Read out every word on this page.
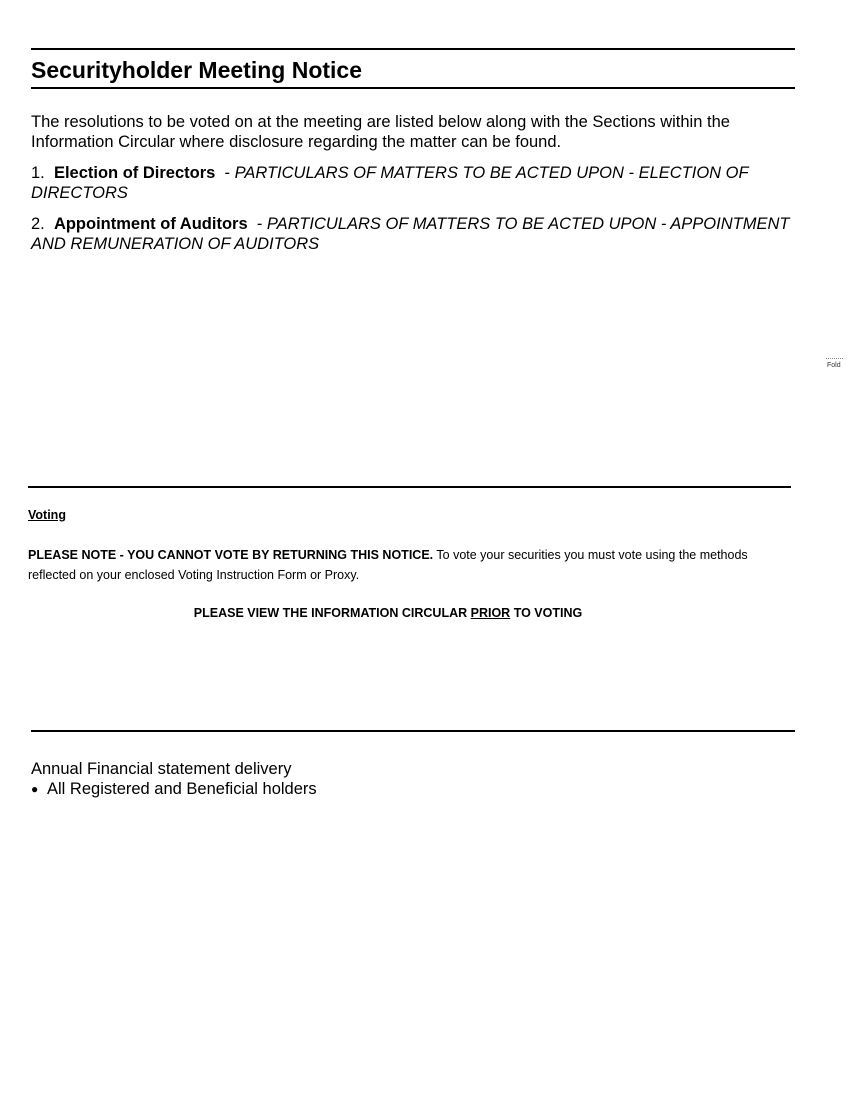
Securityholder Meeting Notice
The resolutions to be voted on at the meeting are listed below along with the Sections within the Information Circular where disclosure regarding the matter can be found.
1. Election of Directors  - PARTICULARS OF MATTERS TO BE ACTED UPON - ELECTION OF DIRECTORS
2. Appointment of Auditors  - PARTICULARS OF MATTERS TO BE ACTED UPON - APPOINTMENT AND REMUNERATION OF AUDITORS
Fold
Voting
PLEASE NOTE - YOU CANNOT VOTE BY RETURNING THIS NOTICE. To vote your securities you must vote using the methods reflected on your enclosed Voting Instruction Form or Proxy.
PLEASE VIEW THE INFORMATION CIRCULAR PRIOR TO VOTING
Annual Financial statement delivery
● All Registered and Beneficial holders
